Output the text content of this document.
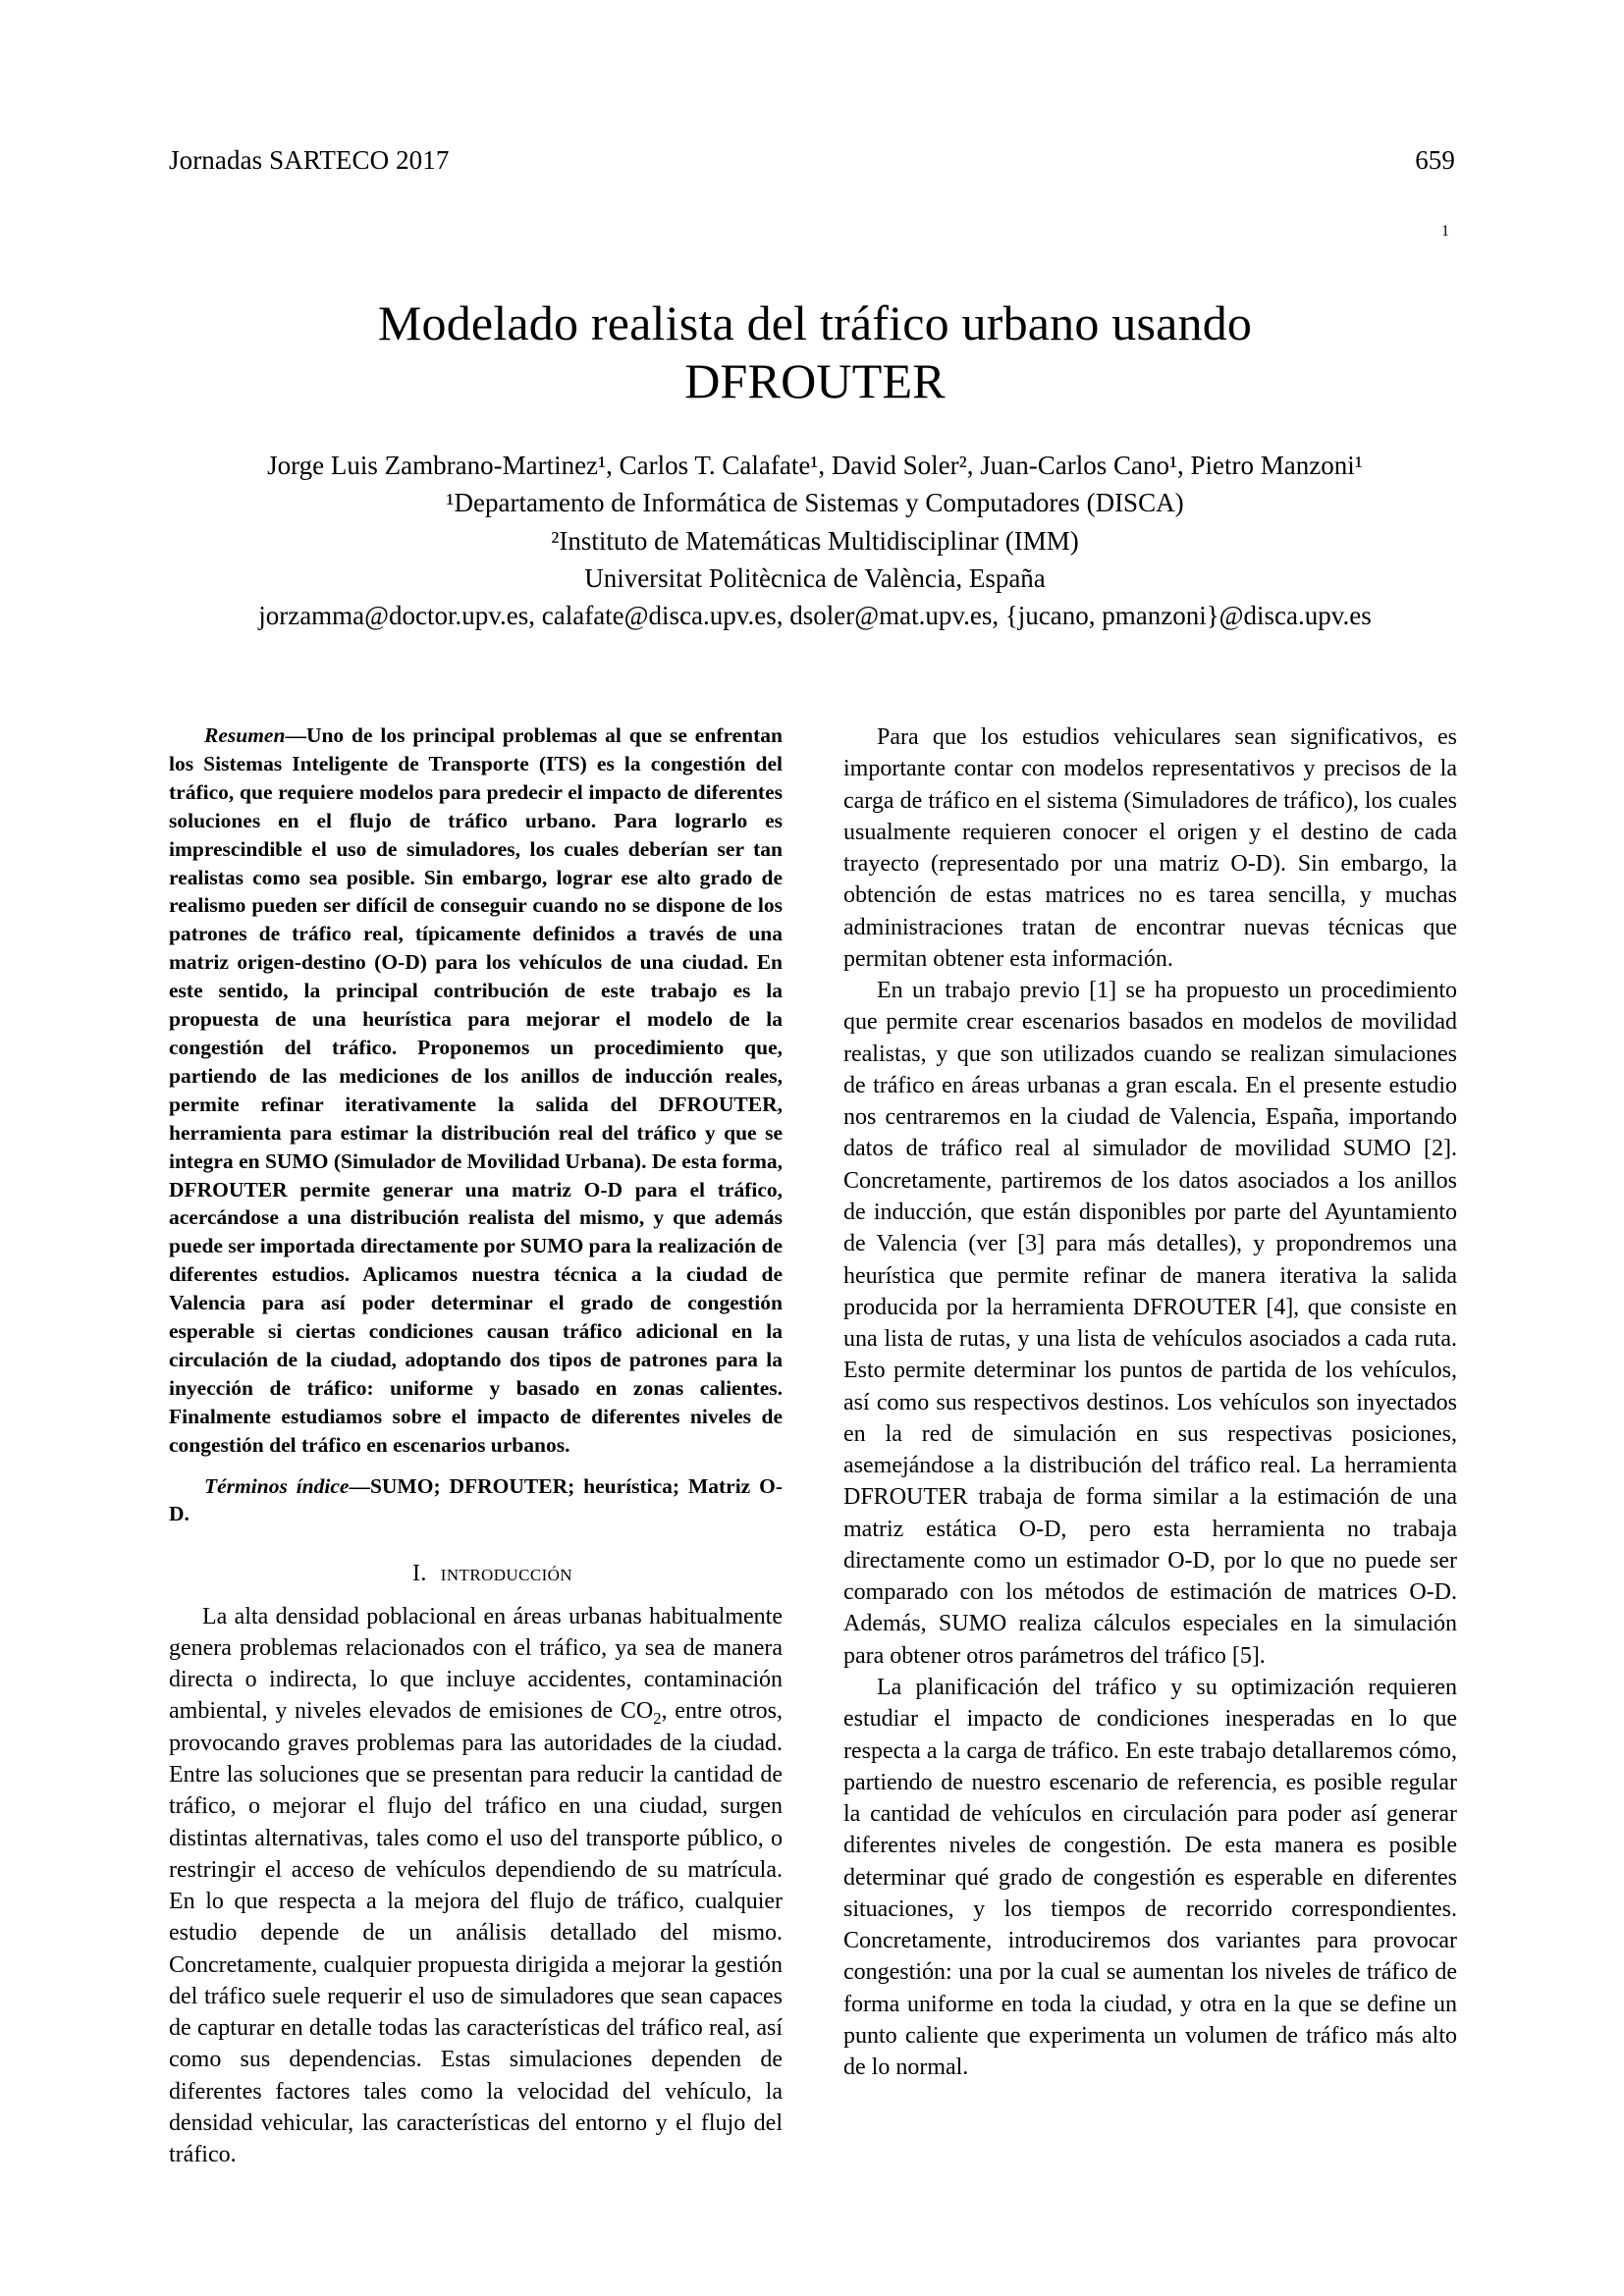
Jornadas SARTECO 2017	659
1
Modelado realista del tráfico urbano usando
DFROUTER
Jorge Luis Zambrano-Martinez¹, Carlos T. Calafate¹, David Soler², Juan-Carlos Cano¹, Pietro Manzoni¹
¹Departamento de Informática de Sistemas y Computadores (DISCA)
²Instituto de Matemáticas Multidisciplinar (IMM)
Universitat Politècnica de València, España
jorzamma@doctor.upv.es, calafate@disca.upv.es, dsoler@mat.upv.es, {jucano, pmanzoni}@disca.upv.es

Resumen—Uno de los principal problemas al que se enfrentan los Sistemas Inteligente de Transporte (ITS) es la congestión del tráfico, que requiere modelos para predecir el impacto de diferentes soluciones en el flujo de tráfico urbano. Para lograrlo es imprescindible el uso de simuladores, los cuales deberían ser tan realistas como sea posible. Sin embargo, lograr ese alto grado de realismo pueden ser difícil de conseguir cuando no se dispone de los patrones de tráfico real, típicamente definidos a través de una matriz origen-destino (O-D) para los vehículos de una ciudad. En este sentido, la principal contribución de este trabajo es la propuesta de una heurística para mejorar el modelo de la congestión del tráfico. Proponemos un procedimiento que, partiendo de las mediciones de los anillos de inducción reales, permite refinar iterativamente la salida del DFROUTER, herramienta para estimar la distribución real del tráfico y que se integra en SUMO (Simulador de Movilidad Urbana). De esta forma, DFROUTER permite generar una matriz O-D para el tráfico, acercándose a una distribución realista del mismo, y que además puede ser importada directamente por SUMO para la realización de diferentes estudios. Aplicamos nuestra técnica a la ciudad de Valencia para así poder determinar el grado de congestión esperable si ciertas condiciones causan tráfico adicional en la circulación de la ciudad, adoptando dos tipos de patrones para la inyección de tráfico: uniforme y basado en zonas calientes. Finalmente estudiamos sobre el impacto de diferentes niveles de congestión del tráfico en escenarios urbanos.

Términos índice—SUMO; DFROUTER; heurística; Matriz O-D.

I. introducción

La alta densidad poblacional en áreas urbanas habitualmente genera problemas relacionados con el tráfico, ya sea de manera directa o indirecta, lo que incluye accidentes, contaminación ambiental, y niveles elevados de emisiones de $CO_2$, entre otros, provocando graves problemas para las autoridades de la ciudad. Entre las soluciones que se presentan para reducir la cantidad de tráfico, o mejorar el flujo del tráfico en una ciudad, surgen distintas alternativas, tales como el uso del transporte público, o restringir el acceso de vehículos dependiendo de su matrícula. En lo que respecta a la mejora del flujo de tráfico, cualquier estudio depende de un análisis detallado del mismo. Concretamente, cualquier propuesta dirigida a mejorar la gestión del tráfico suele requerir el uso de simuladores que sean capaces de capturar en detalle todas las características del tráfico real, así como sus dependencias. Estas simulaciones dependen de diferentes factores tales como la velocidad del vehículo, la densidad vehicular, las características del entorno y el flujo del tráfico.

Para que los estudios vehiculares sean significativos, es importante contar con modelos representativos y precisos de la carga de tráfico en el sistema (Simuladores de tráfico), los cuales usualmente requieren conocer el origen y el destino de cada trayecto (representado por una matriz O-D). Sin embargo, la obtención de estas matrices no es tarea sencilla, y muchas administraciones tratan de encontrar nuevas técnicas que permitan obtener esta información.

En un trabajo previo [1] se ha propuesto un procedimiento que permite crear escenarios basados en modelos de movilidad realistas, y que son utilizados cuando se realizan simulaciones de tráfico en áreas urbanas a gran escala. En el presente estudio nos centraremos en la ciudad de Valencia, España, importando datos de tráfico real al simulador de movilidad SUMO [2]. Concretamente, partiremos de los datos asociados a los anillos de inducción, que están disponibles por parte del Ayuntamiento de Valencia (ver [3] para más detalles), y propondremos una heurística que permite refinar de manera iterativa la salida producida por la herramienta DFROUTER [4], que consiste en una lista de rutas, y una lista de vehículos asociados a cada ruta. Esto permite determinar los puntos de partida de los vehículos, así como sus respectivos destinos. Los vehículos son inyectados en la red de simulación en sus respectivas posiciones, asemejándose a la distribución del tráfico real. La herramienta DFROUTER trabaja de forma similar a la estimación de una matriz estática O-D, pero esta herramienta no trabaja directamente como un estimador O-D, por lo que no puede ser comparado con los métodos de estimación de matrices O-D. Además, SUMO realiza cálculos especiales en la simulación para obtener otros parámetros del tráfico [5].

La planificación del tráfico y su optimización requieren estudiar el impacto de condiciones inesperadas en lo que respecta a la carga de tráfico. En este trabajo detallaremos cómo, partiendo de nuestro escenario de referencia, es posible regular la cantidad de vehículos en circulación para poder así generar diferentes niveles de congestión. De esta manera es posible determinar qué grado de congestión es esperable en diferentes situaciones, y los tiempos de recorrido correspondientes. Concretamente, introduciremos dos variantes para provocar congestión: una por la cual se aumentan los niveles de tráfico de forma uniforme en toda la ciudad, y otra en la que se define un punto caliente que experimenta un volumen de tráfico más alto de lo normal.
